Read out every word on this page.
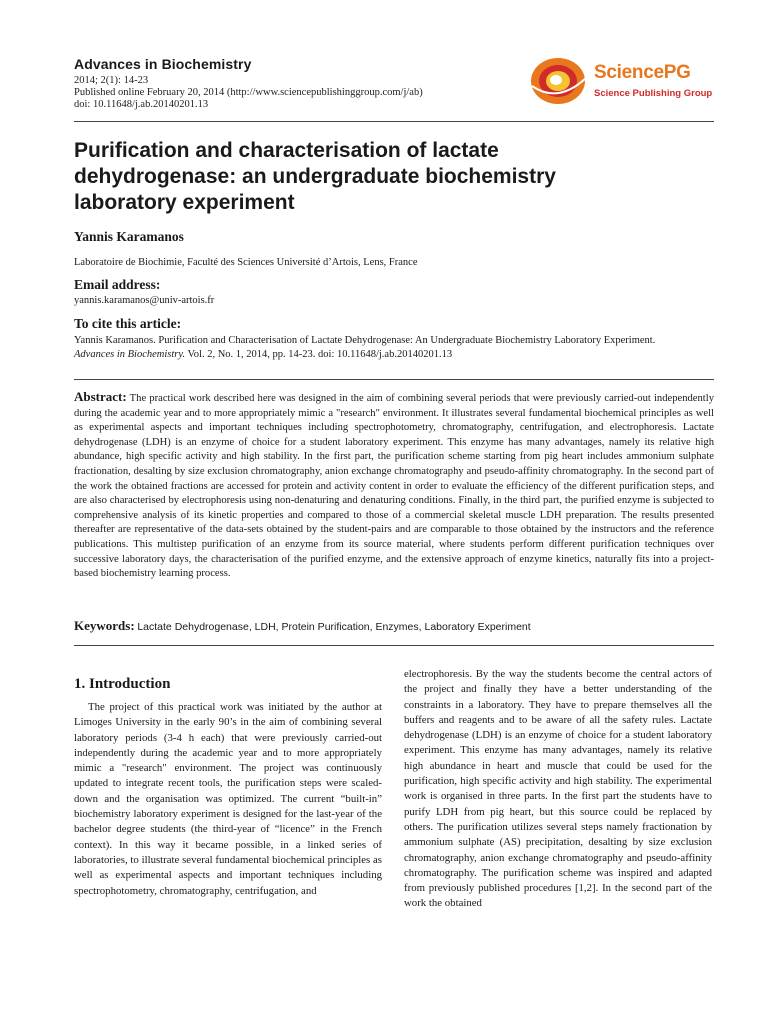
Advances in Biochemistry
2014; 2(1): 14-23
Published online February 20, 2014 (http://www.sciencepublishinggroup.com/j/ab)
doi: 10.11648/j.ab.20140201.13
SciencePG
Science Publishing Group
Purification and characterisation of lactate
dehydrogenase: an undergraduate biochemistry
laboratory experiment
Yannis Karamanos
Laboratoire de Biochimie, Faculté des Sciences Université d’Artois, Lens, France
Email address:
yannis.karamanos@univ-artois.fr
To cite this article:
Yannis Karamanos. Purification and Characterisation of Lactate Dehydrogenase: An Undergraduate Biochemistry Laboratory Experiment.
Advances in Biochemistry. Vol. 2, No. 1, 2014, pp. 14-23. doi: 10.11648/j.ab.20140201.13
Abstract: The practical work described here was designed in the aim of combining several periods that were previously carried-out independently during the academic year and to more appropriately mimic a "research" environment. It illustrates several fundamental biochemical principles as well as experimental aspects and important techniques including spectrophotometry, chromatography, centrifugation, and electrophoresis. Lactate dehydrogenase (LDH) is an enzyme of choice for a student laboratory experiment. This enzyme has many advantages, namely its relative high abundance, high specific activity and high stability. In the first part, the purification scheme starting from pig heart includes ammonium sulphate fractionation, desalting by size exclusion chromatography, anion exchange chromatography and pseudo-affinity chromatography. In the second part of the work the obtained fractions are accessed for protein and activity content in order to evaluate the efficiency of the different purification steps, and are also characterised by electrophoresis using non-denaturing and denaturing conditions. Finally, in the third part, the purified enzyme is subjected to comprehensive analysis of its kinetic properties and compared to those of a commercial skeletal muscle LDH preparation. The results presented thereafter are representative of the data-sets obtained by the student-pairs and are comparable to those obtained by the instructors and the reference publications. This multistep purification of an enzyme from its source material, where students perform different purification techniques over successive laboratory days, the characterisation of the purified enzyme, and the extensive approach of enzyme kinetics, naturally fits into a project-based biochemistry learning process.
Keywords: Lactate Dehydrogenase, LDH, Protein Purification, Enzymes, Laboratory Experiment
1. Introduction
The project of this practical work was initiated by the author at Limoges University in the early 90’s in the aim of combining several laboratory periods (3-4 h each) that were previously carried-out independently during the academic year and to more appropriately mimic a "research" environment. The project was continuously updated to integrate recent tools, the purification steps were scaled-down and the organisation was optimized. The current “built-in” biochemistry laboratory experiment is designed for the last-year of the bachelor degree students (the third-year of “licence” in the French context). In this way it became possible, in a linked series of laboratories, to illustrate several fundamental biochemical principles as well as experimental aspects and important techniques including spectrophotometry, chromatography, centrifugation, and
electrophoresis. By the way the students become the central actors of the project and finally they have a better understanding of the constraints in a laboratory. They have to prepare themselves all the buffers and reagents and to be aware of all the safety rules. Lactate dehydrogenase (LDH) is an enzyme of choice for a student laboratory experiment. This enzyme has many advantages, namely its relative high abundance in heart and muscle that could be used for the purification, high specific activity and high stability. The experimental work is organised in three parts. In the first part the students have to purify LDH from pig heart, but this source could be replaced by others. The purification utilizes several steps namely fractionation by ammonium sulphate (AS) precipitation, desalting by size exclusion chromatography, anion exchange chromatography and pseudo-affinity chromatography. The purification scheme was inspired and adapted from previously published procedures [1,2]. In the second part of the work the obtained
